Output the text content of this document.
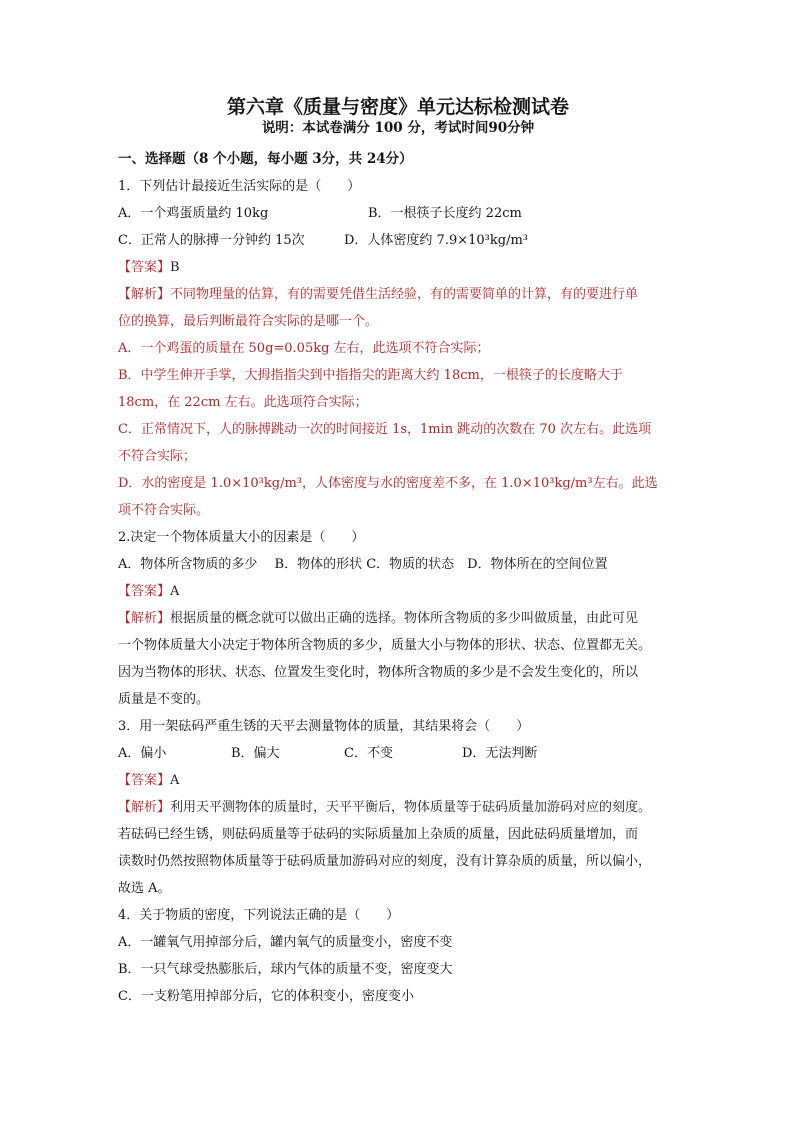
第六章《质量与密度》单元达标检测试卷
说明：本试卷满分 100 分，考试时间90分钟
一、选择题（8 个小题，每小题 3分，共 24分）
1．下列估计最接近生活实际的是（　　）
A．一个鸡蛋质量约 10kg	B．一根筷子长度约 22cm
C．正常人的脉搏一分钟约 15次	D．人体密度约 7.9×10³kg/m³
【答案】B
【解析】不同物理量的估算，有的需要凭借生活经验，有的需要简单的计算，有的要进行单
位的换算，最后判断最符合实际的是哪一个。
A．一个鸡蛋的质量在 50g=0.05kg 左右，此选项不符合实际；
B．中学生伸开手掌，大拇指指尖到中指指尖的距离大约 18cm，一根筷子的长度略大于
18cm，在 22cm 左右。此选项符合实际；
C．正常情况下，人的脉搏跳动一次的时间接近 1s，1min 跳动的次数在 70 次左右。此选项
不符合实际；
D．水的密度是 1.0×10³kg/m³，人体密度与水的密度差不多，在 1.0×10³kg/m³左右。此选
项不符合实际。
2.决定一个物体质量大小的因素是（　　）
A．物体所含物质的多少　 B．物体的形状 C．物质的状态　D．物体所在的空间位置
【答案】A
【解析】根据质量的概念就可以做出正确的选择。物体所含物质的多少叫做质量，由此可见
一个物体质量大小决定于物体所含物质的多少，质量大小与物体的形状、状态、位置都无关。
因为当物体的形状、状态、位置发生变化时，物体所含物质的多少是不会发生变化的，所以
质量是不变的。
3．用一架砝码严重生锈的天平去测量物体的质量，其结果将会（　　）
A．偏小	B．偏大	C．不变	D．无法判断
【答案】A
【解析】利用天平测物体的质量时，天平平衡后，物体质量等于砝码质量加游码对应的刻度。
若砝码已经生锈，则砝码质量等于砝码的实际质量加上杂质的质量，因此砝码质量增加，而
读数时仍然按照物体质量等于砝码质量加游码对应的刻度，没有计算杂质的质量，所以偏小，
故选 A。
4．关于物质的密度，下列说法正确的是（　　）
A．一罐氧气用掉部分后，罐内氧气的质量变小，密度不变
B．一只气球受热膨胀后，球内气体的质量不变，密度变大
C．一支粉笔用掉部分后，它的体积变小，密度变小
